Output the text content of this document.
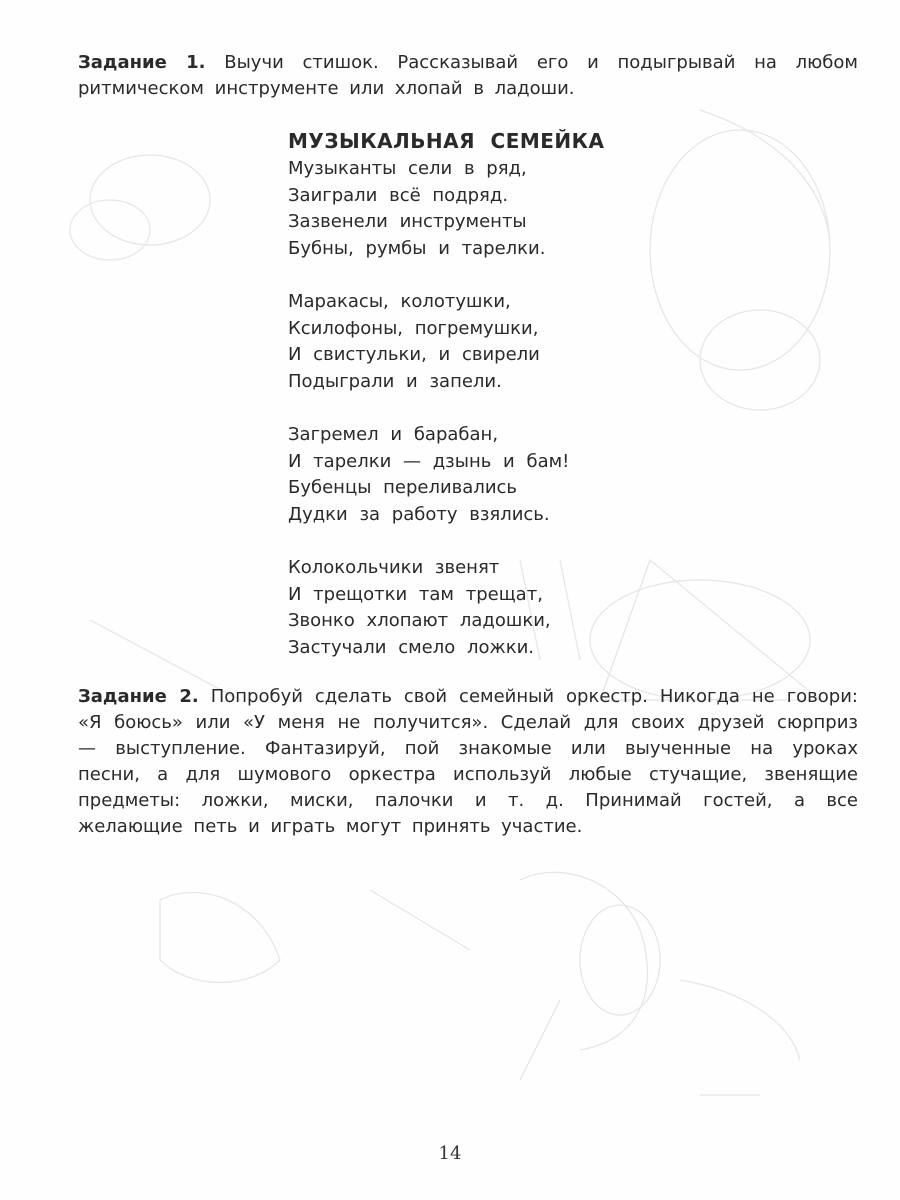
Задание 1. Выучи стишок. Рассказывай его и подыгрывай на любом ритмическом инструменте или хлопай в ладоши.
МУЗЫКАЛЬНАЯ СЕМЕЙКА
Музыканты сели в ряд,
Заиграли всё подряд.
Зазвенели инструменты
Бубны, румбы и тарелки.
Маракасы, колотушки,
Ксилофоны, погремушки,
И свистульки, и свирели
Подыграли и запели.
Загремел и барабан,
И тарелки — дзынь и бам!
Бубенцы переливались
Дудки за работу взялись.
Колокольчики звенят
И трещотки там трещат,
Звонко хлопают ладошки,
Застучали смело ложки.
Задание 2. Попробуй сделать свой семейный оркестр. Никогда не говори: «Я боюсь» или «У меня не получится». Сделай для своих друзей сюрприз — выступление. Фантазируй, пой знакомые или выученные на уроках песни, а для шумового оркестра используй любые стучащие, звенящие предметы: ложки, миски, палочки и т. д. Принимай гостей, а все желающие петь и играть могут принять участие.
14
